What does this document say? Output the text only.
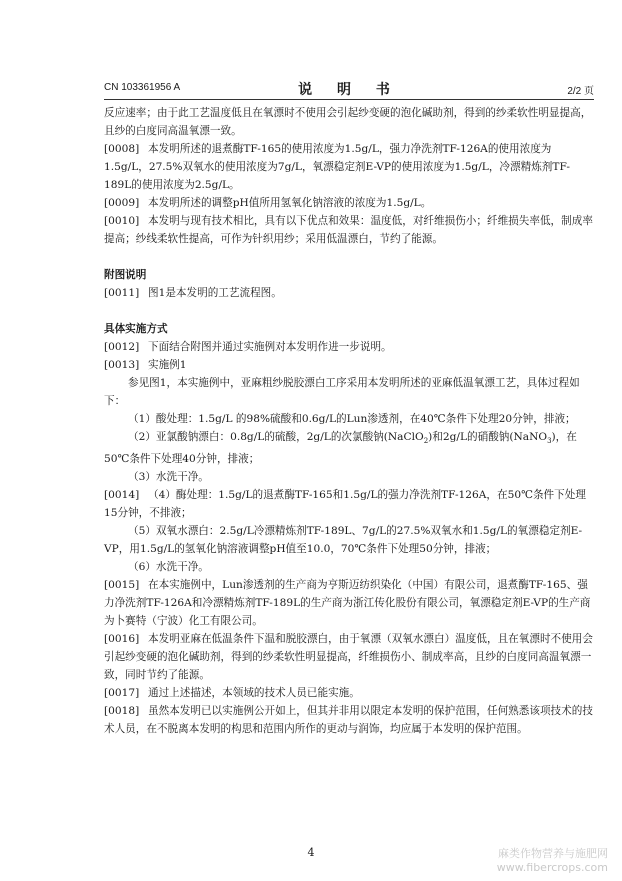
CN 103361956 A	说 明 书	2/2 页

反应速率；由于此工艺温度低且在氧漂时不使用会引起纱变硬的泡化碱助剂，得到的纱柔软性明显提高，且纱的白度同高温氧漂一致。

[0008] 本发明所述的退煮酶TF-165的使用浓度为1.5g/L，强力净洗剂TF-126A的使用浓度为1.5g/L，27.5%双氧水的使用浓度为7g/L，氧漂稳定剂E-VP的使用浓度为1.5g/L，冷漂精炼剂TF-189L的使用浓度为2.5g/L。

[0009] 本发明所述的调整pH值所用氢氧化钠溶液的浓度为1.5g/L。

[0010] 本发明与现有技术相比，具有以下优点和效果：温度低，对纤维损伤小；纤维损失率低，制成率提高；纱线柔软性提高，可作为针织用纱；采用低温漂白，节约了能源。

附图说明

[0011] 图1是本发明的工艺流程图。

具体实施方式

[0012] 下面结合附图并通过实施例对本发明作进一步说明。

[0013] 实施例1

参见图1，本实施例中，亚麻粗纱脱胶漂白工序采用本发明所述的亚麻低温氧漂工艺，具体过程如下：

（1）酸处理：1.5g/L 的98%硫酸和0.6g/L的Lun渗透剂，在40℃条件下处理20分钟，排液；

（2）亚氯酸钠漂白：0.8g/L的硫酸，2g/L的次氯酸钠(NaClO$_2$)和2g/L的硝酸钠(NaNO$_3$)，在50℃条件下处理40分钟，排液；

（3）水洗干净。

[0014] （4）酶处理：1.5g/L的退煮酶TF-165和1.5g/L的强力净洗剂TF-126A，在50℃条件下处理15分钟，不排液；

（5）双氧水漂白：2.5g/L冷漂精炼剂TF-189L、7g/L的27.5%双氧水和1.5g/L的氧漂稳定剂E-VP，用1.5g/L的氢氧化钠溶液调整pH值至10.0，70℃条件下处理50分钟，排液；

（6）水洗干净。

[0015] 在本实施例中，Lun渗透剂的生产商为亨斯迈纺织染化（中国）有限公司，退煮酶TF-165、强力净洗剂TF-126A和冷漂精炼剂TF-189L的生产商为浙江传化股份有限公司，氧漂稳定剂E-VP的生产商为卜赛特（宁波）化工有限公司。

[0016] 本发明亚麻在低温条件下温和脱胶漂白，由于氧漂（双氧水漂白）温度低，且在氧漂时不使用会引起纱变硬的泡化碱助剂，得到的纱柔软性明显提高，纤维损伤小、制成率高，且纱的白度同高温氧漂一致，同时节约了能源。

[0017] 通过上述描述，本领域的技术人员已能实施。

[0018] 虽然本发明已以实施例公开如上，但其并非用以限定本发明的保护范围，任何熟悉该项技术的技术人员，在不脱离本发明的构思和范围内所作的更动与润饰，均应属于本发明的保护范围。

4	麻类作物营养与施肥网
www.fibercrops.com
